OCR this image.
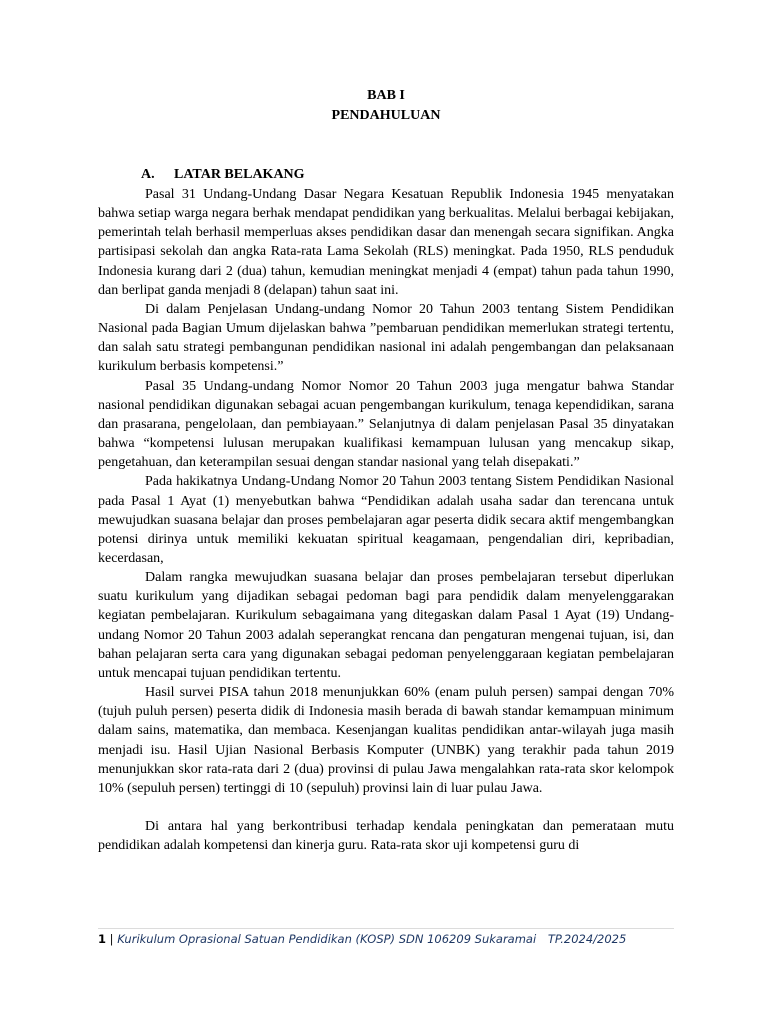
BAB I

PENDAHULUAN

A. LATAR BELAKANG

Pasal 31 Undang-Undang Dasar Negara Kesatuan Republik Indonesia 1945 menyatakan bahwa setiap warga negara berhak mendapat pendidikan yang berkualitas. Melalui berbagai kebijakan, pemerintah telah berhasil memperluas akses pendidikan dasar dan menengah secara signifikan. Angka partisipasi sekolah dan angka Rata-rata Lama Sekolah (RLS) meningkat. Pada 1950, RLS penduduk Indonesia kurang dari 2 (dua) tahun, kemudian meningkat menjadi 4 (empat) tahun pada tahun 1990, dan berlipat ganda menjadi 8 (delapan) tahun saat ini.

Di dalam Penjelasan Undang-undang Nomor 20 Tahun 2003 tentang Sistem Pendidikan Nasional pada Bagian Umum dijelaskan bahwa ”pembaruan pendidikan memerlukan strategi tertentu, dan salah satu strategi pembangunan pendidikan nasional ini adalah pengembangan dan pelaksanaan kurikulum berbasis kompetensi.”

Pasal 35 Undang-undang Nomor Nomor 20 Tahun 2003 juga mengatur bahwa Standar nasional pendidikan digunakan sebagai acuan pengembangan kurikulum, tenaga kependidikan, sarana dan prasarana, pengelolaan, dan pembiayaan.” Selanjutnya di dalam penjelasan Pasal 35 dinyatakan bahwa “kompetensi lulusan merupakan kualifikasi kemampuan lulusan yang mencakup sikap, pengetahuan, dan keterampilan sesuai dengan standar nasional yang telah disepakati.”

Pada hakikatnya Undang-Undang Nomor 20 Tahun 2003 tentang Sistem Pendidikan Nasional pada Pasal 1 Ayat (1) menyebutkan bahwa “Pendidikan adalah usaha sadar dan terencana untuk mewujudkan suasana belajar dan proses pembelajaran agar peserta didik secara aktif mengembangkan potensi dirinya untuk memiliki kekuatan spiritual keagamaan, pengendalian diri, kepribadian, kecerdasan,

Dalam rangka mewujudkan suasana belajar dan proses pembelajaran tersebut diperlukan suatu kurikulum yang dijadikan sebagai pedoman bagi para pendidik dalam menyelenggarakan kegiatan pembelajaran. Kurikulum sebagaimana yang ditegaskan dalam Pasal 1 Ayat (19) Undang-undang Nomor 20 Tahun 2003 adalah seperangkat rencana dan pengaturan mengenai tujuan, isi, dan bahan pelajaran serta cara yang digunakan sebagai pedoman penyelenggaraan kegiatan pembelajaran untuk mencapai tujuan pendidikan tertentu.

Hasil survei PISA tahun 2018 menunjukkan 60% (enam puluh persen) sampai dengan 70% (tujuh puluh persen) peserta didik di Indonesia masih berada di bawah standar kemampuan minimum dalam sains, matematika, dan membaca. Kesenjangan kualitas pendidikan antar-wilayah juga masih menjadi isu. Hasil Ujian Nasional Berbasis Komputer (UNBK) yang terakhir pada tahun 2019 menunjukkan skor rata-rata dari 2 (dua) provinsi di pulau Jawa mengalahkan rata-rata skor kelompok 10% (sepuluh persen) tertinggi di 10 (sepuluh) provinsi lain di luar pulau Jawa.

Di antara hal yang berkontribusi terhadap kendala peningkatan dan pemerataan mutu pendidikan adalah kompetensi dan kinerja guru. Rata-rata skor uji kompetensi guru di

1 | Kurikulum Oprasional Satuan Pendidikan (KOSP) SDN 106209 Sukaramai TP.2024/2025
